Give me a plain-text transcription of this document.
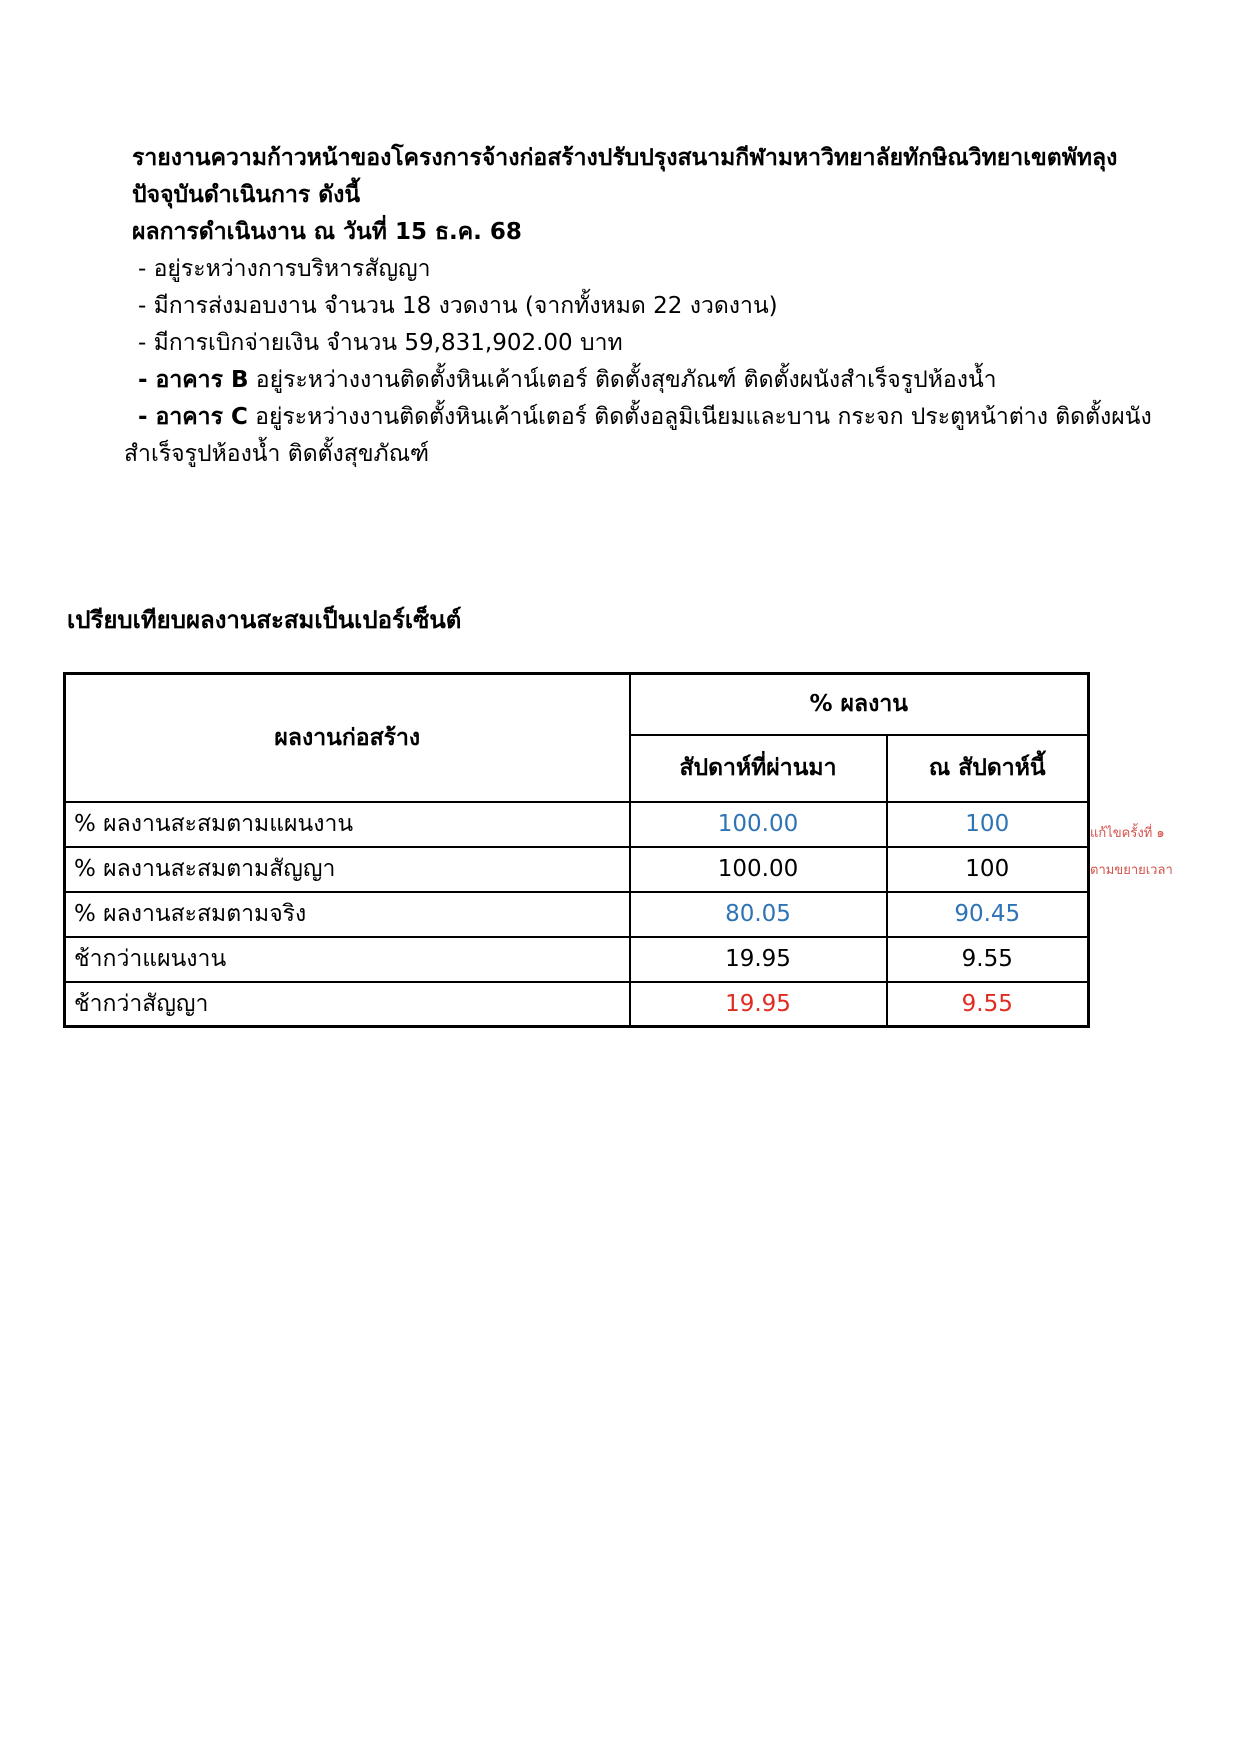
รายงานความก้าวหน้าของโครงการจ้างก่อสร้างปรับปรุงสนามกีฬามหาวิทยาลัยทักษิณวิทยาเขตพัทลุง
ปัจจุบันดำเนินการ ดังนี้
ผลการดำเนินงาน ณ วันที่ 15 ธ.ค. 68
- อยู่ระหว่างการบริหารสัญญา
- มีการส่งมอบงาน จำนวน 18 งวดงาน (จากทั้งหมด 22 งวดงาน)
- มีการเบิกจ่ายเงิน จำนวน 59,831,902.00 บาท
- อาคาร B อยู่ระหว่างงานติดตั้งหินเค้าน์เตอร์ ติดตั้งสุขภัณฑ์ ติดตั้งผนังสำเร็จรูปห้องน้ำ
- อาคาร C อยู่ระหว่างงานติดตั้งหินเค้าน์เตอร์ ติดตั้งอลูมิเนียมและบาน กระจก ประตูหน้าต่าง ติดตั้งผนัง
สำเร็จรูปห้องน้ำ ติดตั้งสุขภัณฑ์
เปรียบเทียบผลงานสะสมเป็นเปอร์เซ็นต์
ผลงานก่อสร้าง	% ผลงาน	
	สัปดาห์ที่ผ่านมา	ณ สัปดาห์นี้
% ผลงานสะสมตามแผนงาน	100.00	100
% ผลงานสะสมตามสัญญา	100.00	100
% ผลงานสะสมตามจริง	80.05	90.45
ช้ากว่าแผนงาน	19.95	9.55
ช้ากว่าสัญญา	19.95	9.55
แก้ไขครั้งที่ ๑
ตามขยายเวลา
